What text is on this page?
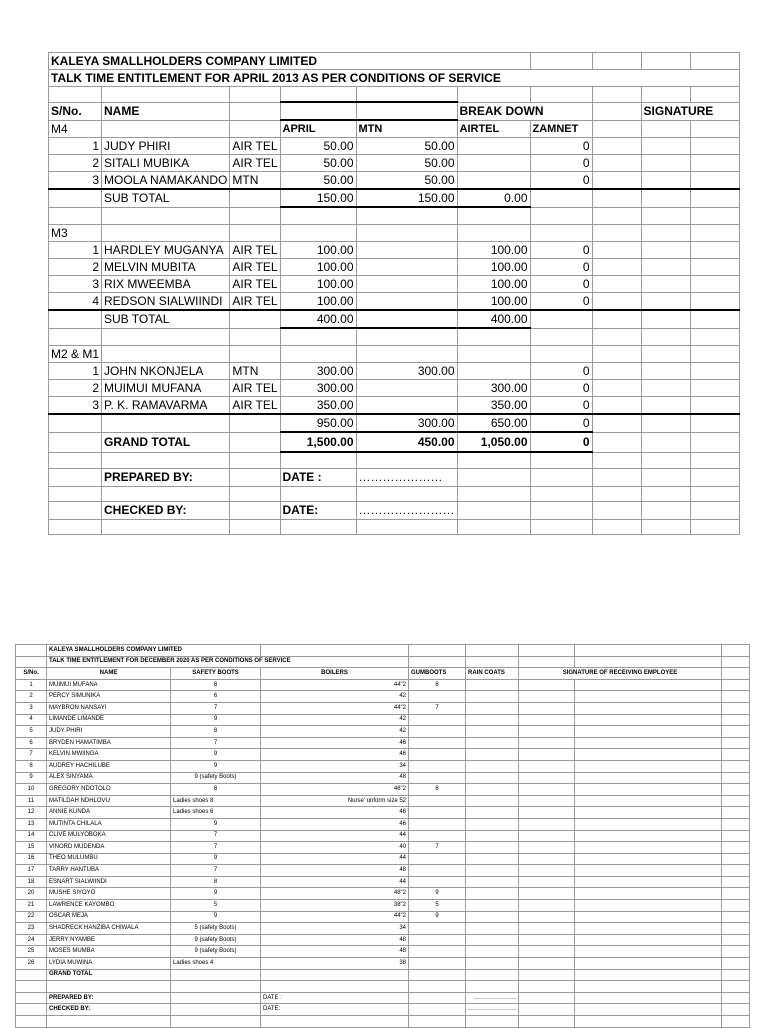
KALEYA SMALLHOLDERS COMPANY LIMITED									
TALK TIME ENTITLEMENT FOR APRIL 2013 AS PER CONDITIONS OF SERVICE									

S/No.	NAME				BREAK DOWN			SIGNATURE	
M4			APRIL	MTN	AIRTEL	ZAMNET			
1	JUDY PHIRI	AIR TEL	50.00	50.00		0			
2	SITALI MUBIKA	AIR TEL	50.00	50.00		0			
3	MOOLA NAMAKANDO	MTN	50.00	50.00		0			
	SUB TOTAL		150.00	150.00	0.00				

M3									
1	HARDLEY MUGANYA	AIR TEL	100.00		100.00	0			
2	MELVIN MUBITA	AIR TEL	100.00		100.00	0			
3	RIX MWEEMBA	AIR TEL	100.00		100.00	0			
4	REDSON SIALWIINDI	AIR TEL	100.00		100.00	0			
	SUB TOTAL		400.00		400.00				

M2 & M1									
1	JOHN NKONJELA	MTN	300.00	300.00		0			
2	MUIMUI MUFANA	AIR TEL	300.00		300.00	0			
3	P. K. RAMAVARMA	AIR TEL	350.00		350.00	0			
			950.00	300.00	650.00	0			
	GRAND TOTAL		1,500.00	450.00	1,050.00	0			

	PREPARED BY:		DATE :	…………………					

	CHECKED BY:		DATE:	……………………					

	KALEYA SMALLHOLDERS COMPANY LIMITED							
	TALK TIME ENTITLEMENT FOR DECEMBER 2020 AS PER CONDITIONS OF SERVICE							
S/No.	NAME	SAFETY BOOTS	BOILERS	GUMBOOTS	RAIN COATS	SIGNATURE OF RECEIVING EMPLOYEE		
1	MUIMUI MUFANA	8	44"2	8				
2	PERCY SIMUNIKA	6	42					
3	MAYBRON NANSAYI	7	44"2	7				
4	LIMANDE LIMANDE	9	42					
5	JUDY PHIRI	8	42					
6	BRYDEN HAMATIMBA	7	46					
7	KELVIN MWIINGA	9	46					
8	AUDREY HACHILUBE	9	34					
9	ALEX SINYAMA	9 (safety Boots)	48					
10	GREGORY NDOTOLO	8	46"2	8				
11	MATILDAH NDHLOVU	Ladies shoes 8	Nurse' unform size 52					
12	ANNIE KUNDA	Ladies shoes 6	46					
13	MUTINTA CHILALA	9	46					
14	CLIVE MULYOBOKA	7	44					
15	VINORD MUDENDA	7	40	7				
16	THEO MULUMBU	9	44					
17	TARRY HANTUBA	7	48					
18	ESNART SIALWIINDI	8	44					
20	MUSHE SIYOYO	9	48"2	9				
21	LAWRENCE KAYOMBO	5	38"2	5				
22	OSCAR MEJA	9	44"2	9				
23	SHADRECK HANZIBA CHIWALA	5 (safety Boots)	34					
24	JERRY NYAMBE	9 (safety Boots)	48					
25	MOSES MUMBA	9 (safety Boots)	48					
26	LYDIA MUWINA	Ladies shoes 4	38					
	GRAND TOTAL							

	PREPARED BY:		DATE :		…………………			
	CHECKED BY:		DATE:		……………………			
